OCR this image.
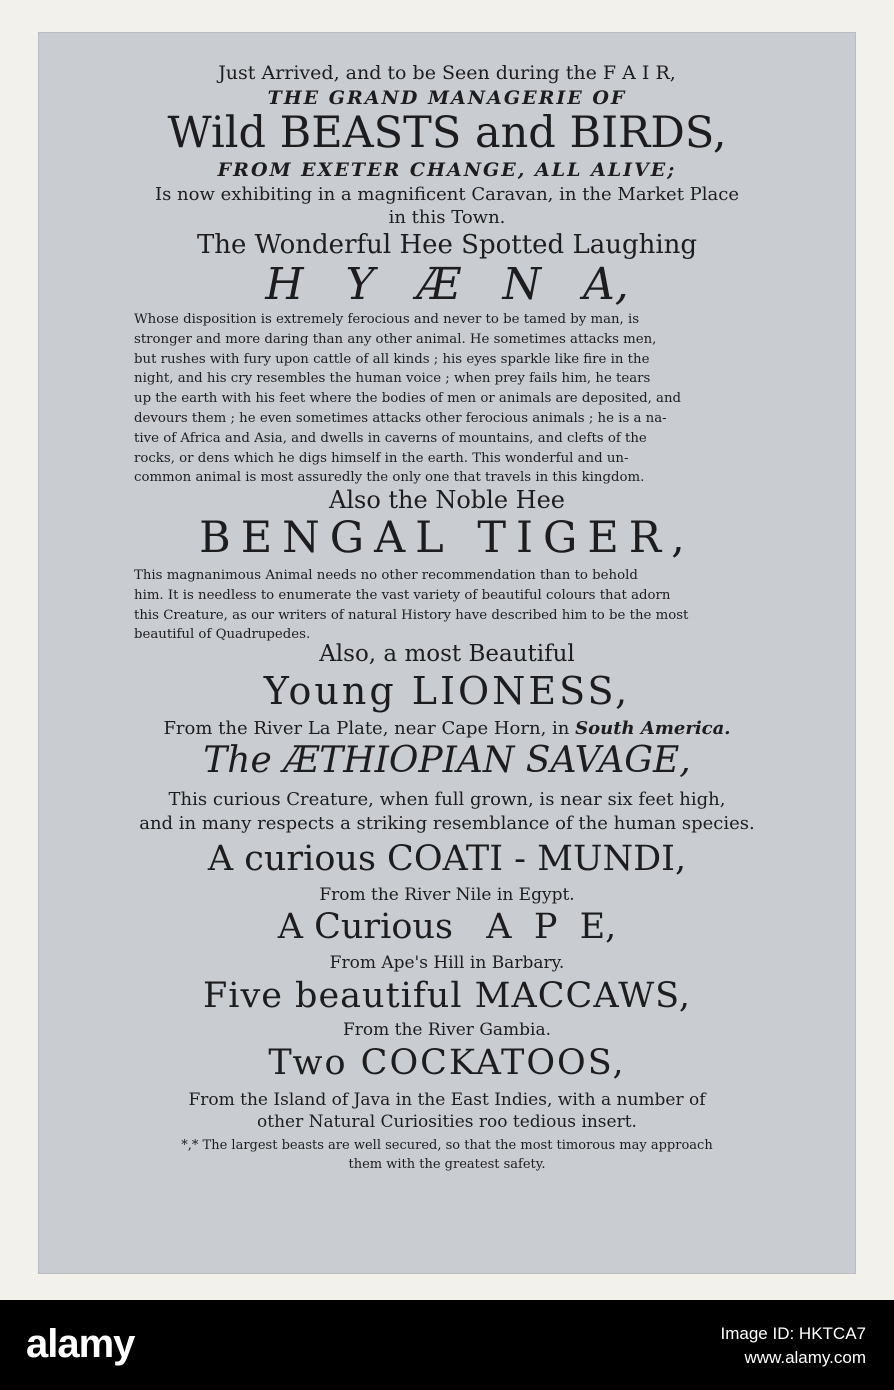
Just Arrived, and to be Seen during the F A I R,
THE GRAND MANAGERIE OF
Wild BEASTS and BIRDS,
FROM EXETER CHANGE, ALL ALIVE;
Is now exhibiting in a magnificent Caravan, in the Market Place
in this Town.
The Wonderful Hee Spotted Laughing
H   Y   Æ   N   A,
Whose disposition is extremely ferocious and never to be tamed by man, is
stronger and more daring than any other animal. He sometimes attacks men,
but rushes with fury upon cattle of all kinds ; his eyes sparkle like fire in the
night, and his cry resembles the human voice ; when prey fails him, he tears
up the earth with his feet where the bodies of men or animals are deposited, and
devours them ; he even sometimes attacks other ferocious animals ; he is a na-
tive of Africa and Asia, and dwells in caverns of mountains, and clefts of the
rocks, or dens which he digs himself in the earth. This wonderful and un-
common animal is most assuredly the only one that travels in this kingdom.
Also the Noble Hee
BENGAL TIGER,
This magnanimous Animal needs no other recommendation than to behold
him. It is needless to enumerate the vast variety of beautiful colours that adorn
this Creature, as our writers of natural History have described him to be the most
beautiful of Quadrupedes.
Also, a most Beautiful
Young LIONESS,
From the River La Plate, near Cape Horn, in South America.
The ÆTHIOPIAN SAVAGE,
This curious Creature, when full grown, is near six feet high,
and in many respects a striking resemblance of the human species.
A curious COATI - MUNDI,
From the River Nile in Egypt.
A Curious   A  P  E,
From Ape's Hill in Barbary.
Five beautiful MACCAWS,
From the River Gambia.
Two COCKATOOS,
From the Island of Java in the East Indies, with a number of
other Natural Curiosities roo tedious insert.
*,* The largest beasts are well secured, so that the most timorous may approach
them with the greatest safety.
alamy	Image ID: HKTCA7
www.alamy.com
